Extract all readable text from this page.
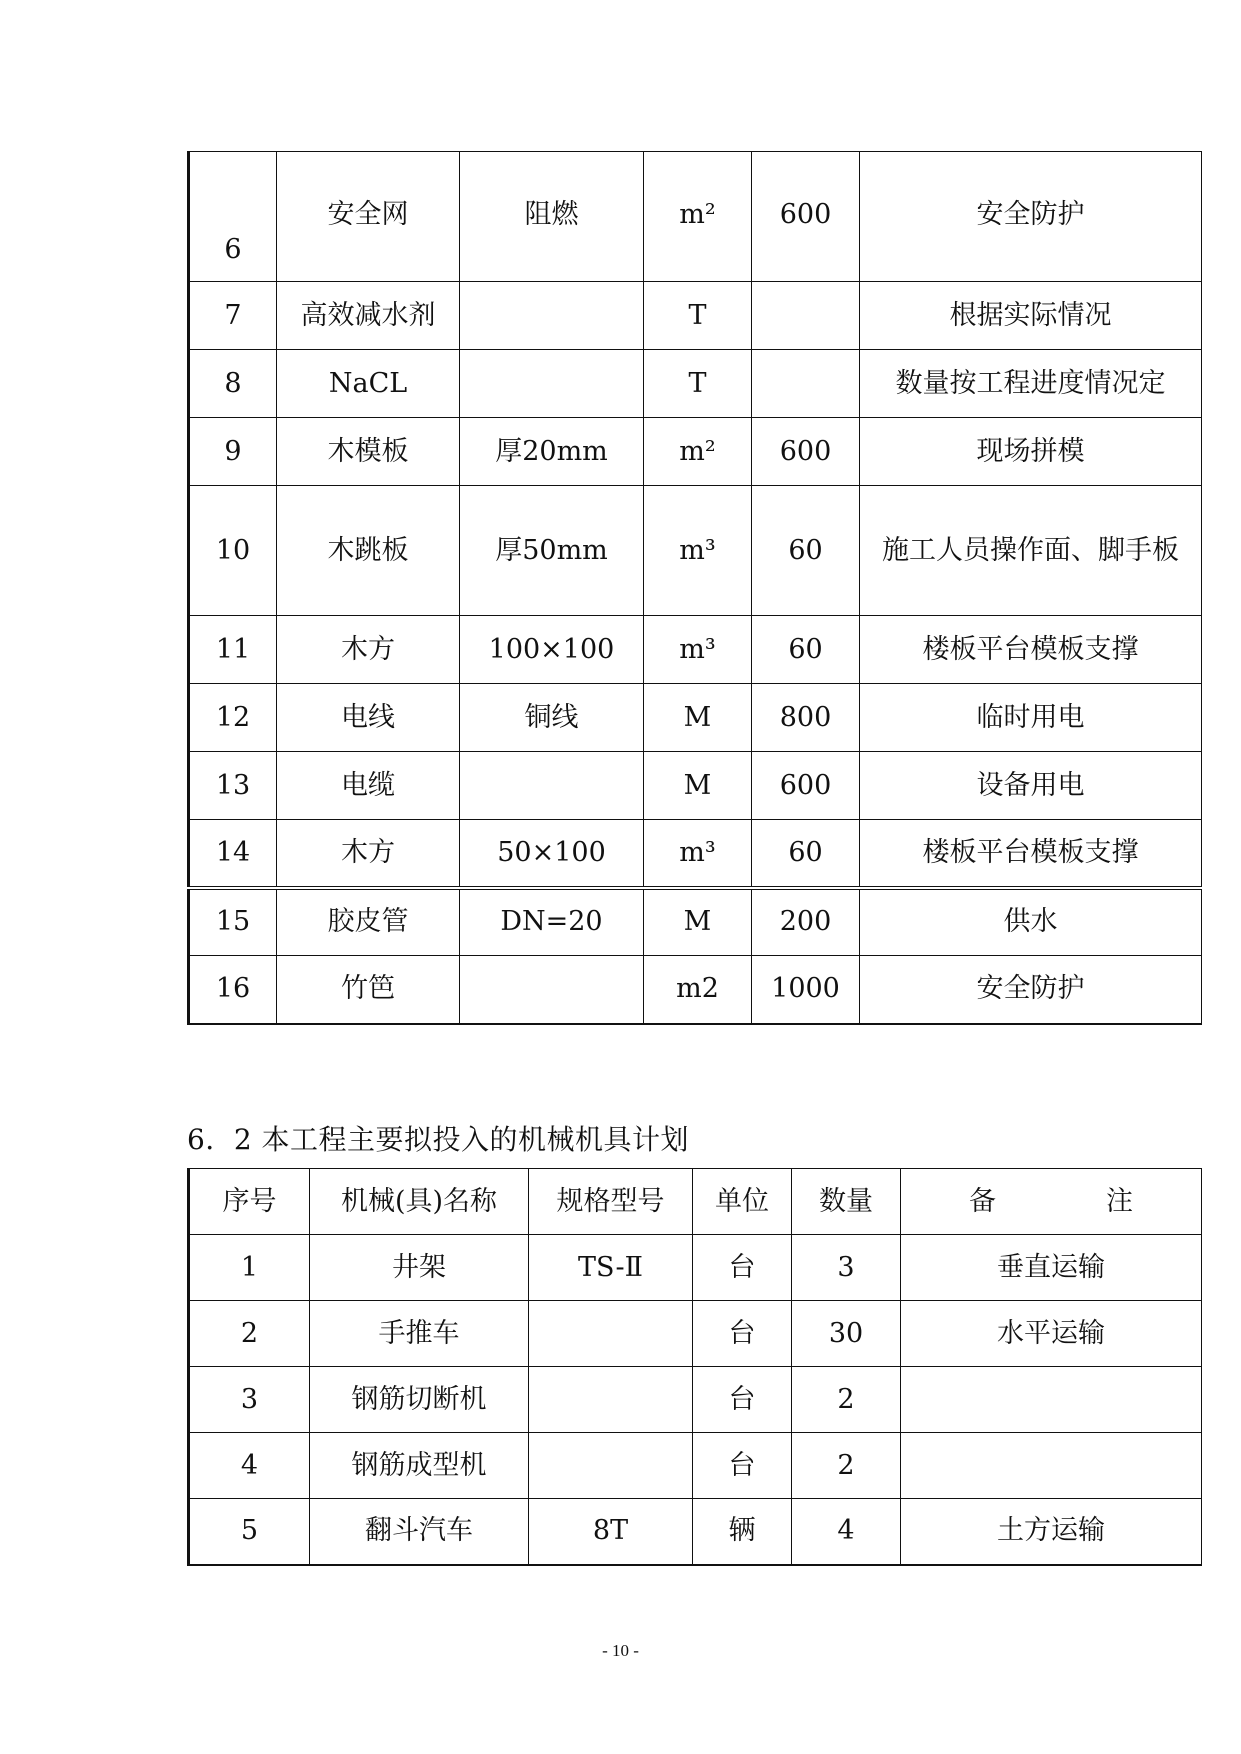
6	安全网	阻燃	m²	600	安全防护
7	高效减水剂		T		根据实际情况
8	NaCL		T		数量按工程进度情况定
9	木模板	厚20mm	m²	600	现场拼模
10	木跳板	厚50mm	m³	60	施工人员操作面、脚手板
11	木方	100×100	m³	60	楼板平台模板支撑
12	电线	铜线	M	800	临时用电
13	电缆		M	600	设备用电
14	木方	50×100	m³	60	楼板平台模板支撑
15	胶皮管	DN=20	M	200	供水
16	竹笆		m2	1000	安全防护
6．2 本工程主要拟投入的机械机具计划
序号	机械(具)名称	规格型号	单位	数量	备 注
1	井架	TS-Ⅱ	台	3	垂直运输
2	手推车		台	30	水平运输
3	钢筋切断机		台	2	
4	钢筋成型机		台	2	
5	翻斗汽车	8T	辆	4	土方运输
- 10 -
